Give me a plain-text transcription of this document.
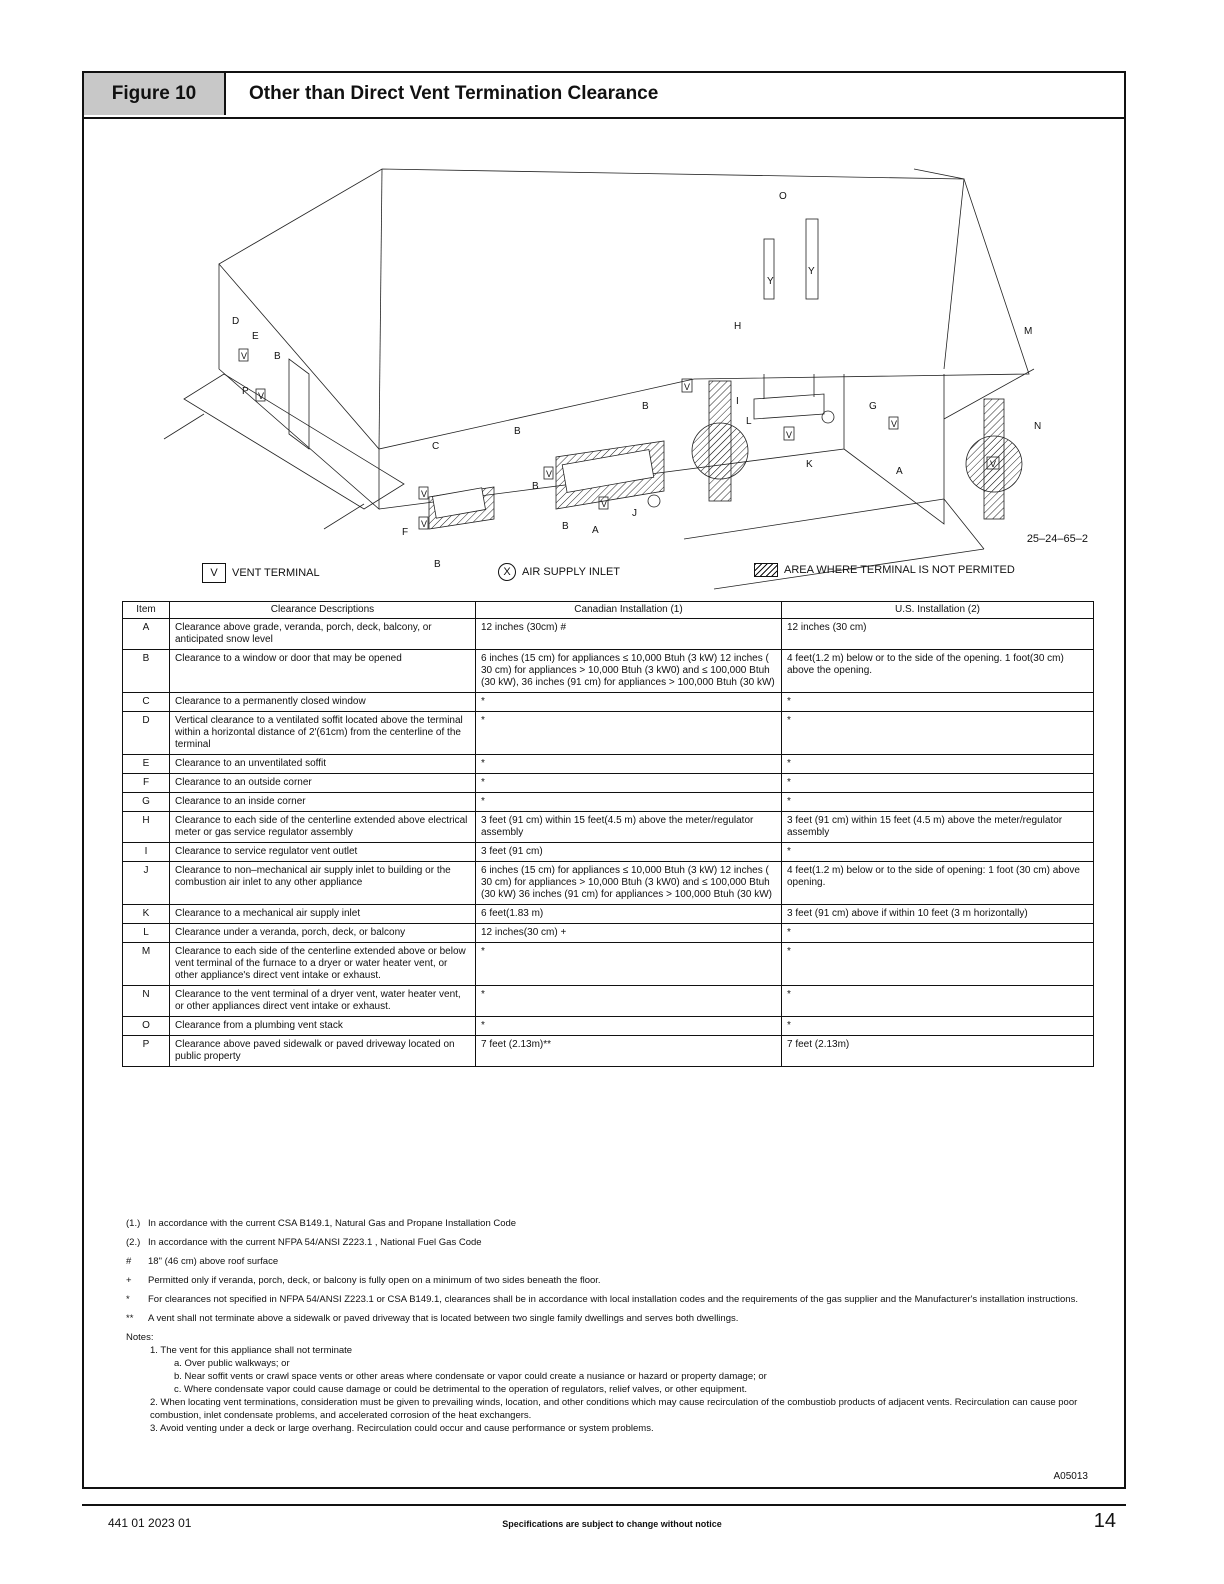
Figure 10	Other than Direct Vent Termination Clearance
O
Y
Y
D
E
B
P
H	M
N
G
A
L
I
K
B
B
C
B
A
J
F
B
B
V
V
V
V
V
V
V
V
V
V
25–24–65–2
V	VENT TERMINAL	X	AIR SUPPLY INLET	AREA WHERE TERMINAL IS NOT PERMITED
Item	Clearance Descriptions	Canadian Installation (1)	U.S. Installation (2)
A	Clearance above grade, veranda, porch, deck, balcony, or anticipated snow level	12 inches (30cm) #	12 inches (30 cm)
B	Clearance to a window or door that may be opened	6 inches (15 cm) for appliances ≤ 10,000 Btuh (3 kW) 12 inches ( 30 cm) for appliances > 10,000 Btuh (3 kW0) and ≤ 100,000 Btuh (30 kW), 36 inches (91 cm) for appliances > 100,000 Btuh (30 kW)	4 feet(1.2 m) below or to the side of the opening. 1 foot(30 cm) above the opening.
C	Clearance to a permanently closed window	*	*
D	Vertical clearance to a ventilated soffit located above the terminal within a horizontal distance of 2'(61cm) from the centerline of the terminal	*	*
E	Clearance to an unventilated soffit	*	*
F	Clearance to an outside corner	*	*
G	Clearance to an inside corner	*	*
H	Clearance to each side of the centerline extended above electrical meter or gas service regulator assembly	3 feet (91 cm) within 15 feet(4.5 m) above the meter/regulator assembly	3 feet (91 cm) within 15 feet (4.5 m) above the meter/regulator assembly
I	Clearance to service regulator vent outlet	3 feet (91 cm)	*
J	Clearance to non–mechanical air supply inlet to building or the combustion air inlet to any other appliance	6 inches (15 cm) for appliances ≤ 10,000 Btuh (3 kW) 12 inches ( 30 cm) for appliances > 10,000 Btuh (3 kW0) and ≤ 100,000 Btuh (30 kW) 36 inches (91 cm) for appliances > 100,000 Btuh (30 kW)	4 feet(1.2 m) below or to the side of opening: 1 foot (30 cm) above opening.
K	Clearance to a mechanical air supply inlet	6 feet(1.83 m)	3 feet (91 cm) above if within 10 feet (3 m horizontally)
L	Clearance under a veranda, porch, deck, or balcony	12 inches(30 cm) +	*
M	Clearance to each side of the centerline extended above or below vent terminal of the furnace to a dryer or water heater vent, or other appliance's direct vent intake or exhaust.	*	*
N	Clearance to the vent terminal of a dryer vent, water heater vent, or other appliances direct vent intake or exhaust.	*	*
O	Clearance from a plumbing vent stack	*	*
P	Clearance above paved sidewalk or paved driveway located on public property	7 feet (2.13m)**	7 feet (2.13m)
(1.) In accordance with the current CSA B149.1, Natural Gas and Propane Installation Code
(2.) In accordance with the current NFPA 54/ANSI Z223.1 , National Fuel Gas Code
#	18" (46 cm) above roof surface
+	Permitted only if veranda, porch, deck, or balcony is fully open on a minimum of two sides beneath the floor.
*	For clearances not specified in NFPA 54/ANSI Z223.1 or CSA B149.1, clearances shall be in accordance with local installation codes and the requirements of the gas supplier and the Manufacturer's installation instructions.
**	A vent shall not terminate above a sidewalk or paved driveway that is located between two single family dwellings and serves both dwellings.
Notes:
1. The vent for this appliance shall not terminate
a. Over public walkways; or
b. Near soffit vents or crawl space vents or other areas where condensate or vapor could create a nusiance or hazard or property damage; or
c. Where condensate vapor could cause damage or could be detrimental to the operation of regulators, relief valves, or other equipment.
2. When locating vent terminations, consideration must be given to prevailing winds, location, and other conditions which may cause recirculation of the combustiob products of adjacent vents. Recirculation can cause poor combustion, inlet condensate problems, and accelerated corrosion of the heat exchangers.
3. Avoid venting under a deck or large overhang. Recirculation could occur and cause performance or system problems.
A05013
441 01 2023 01	Specifications are subject to change without notice	14
